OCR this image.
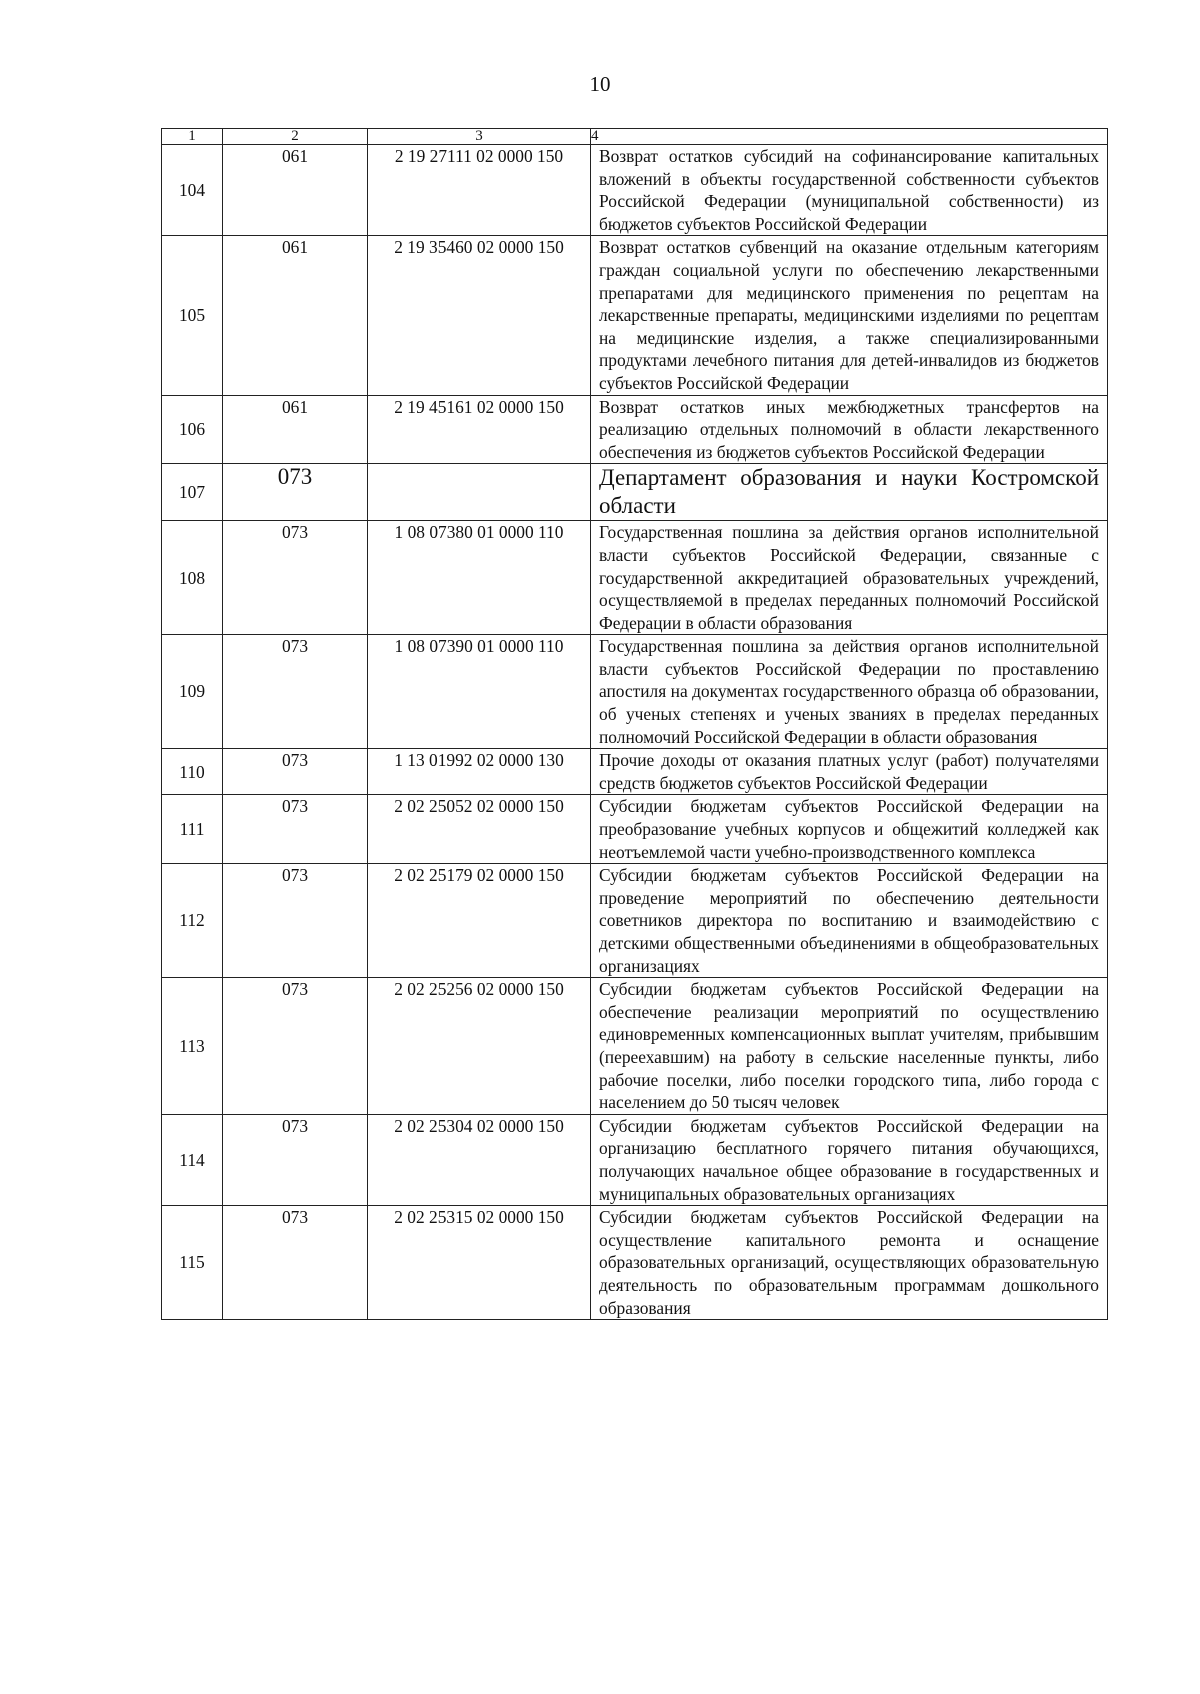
10
1	2	3	4
104	061	2 19 27111 02 0000 150	Возврат остатков субсидий на софинансирование капитальных вложений в объекты государственной собственности субъектов Российской Федерации (муниципальной собственности) из бюджетов субъектов Российской Федерации
105	061	2 19 35460 02 0000 150	Возврат остатков субвенций на оказание отдельным категориям граждан социальной услуги по обеспечению лекарственными препаратами для медицинского применения по рецептам на лекарственные препараты, медицинскими изделиями по рецептам на медицинские изделия, а также специализированными продуктами лечебного питания для детей-инвалидов из бюджетов субъектов Российской Федерации
106	061	2 19 45161 02 0000 150	Возврат остатков иных межбюджетных трансфертов на реализацию отдельных полномочий в области лекарственного обеспечения из бюджетов субъектов Российской Федерации
107	073		Департамент образования и науки Костромской области
108	073	1 08 07380 01 0000 110	Государственная пошлина за действия органов исполнительной власти субъектов Российской Федерации, связанные с государственной аккредитацией образовательных учреждений, осуществляемой в пределах переданных полномочий Российской Федерации в области образования
109	073	1 08 07390 01 0000 110	Государственная пошлина за действия органов исполнительной власти субъектов Российской Федерации по проставлению апостиля на документах государственного образца об образовании, об ученых степенях и ученых званиях в пределах переданных полномочий Российской Федерации в области образования
110	073	1 13 01992 02 0000 130	Прочие доходы от оказания платных услуг (работ) получателями средств бюджетов субъектов Российской Федерации
111	073	2 02 25052 02 0000 150	Субсидии бюджетам субъектов Российской Федерации на преобразование учебных корпусов и общежитий колледжей как неотъемлемой части учебно-производственного комплекса
112	073	2 02 25179 02 0000 150	Субсидии бюджетам субъектов Российской Федерации на проведение мероприятий по обеспечению деятельности советников директора по воспитанию и взаимодействию с детскими общественными объединениями в общеобразовательных организациях
113	073	2 02 25256 02 0000 150	Субсидии бюджетам субъектов Российской Федерации на обеспечение реализации мероприятий по осуществлению единовременных компенсационных выплат учителям, прибывшим (переехавшим) на работу в сельские населенные пункты, либо рабочие поселки, либо поселки городского типа, либо города с населением до 50 тысяч человек
114	073	2 02 25304 02 0000 150	Субсидии бюджетам субъектов Российской Федерации на организацию бесплатного горячего питания обучающихся, получающих начальное общее образование в государственных и муниципальных образовательных организациях
115	073	2 02 25315 02 0000 150	Субсидии бюджетам субъектов Российской Федерации на осуществление капитального ремонта и оснащение образовательных организаций, осуществляющих образовательную деятельность по образовательным программам дошкольного образования
